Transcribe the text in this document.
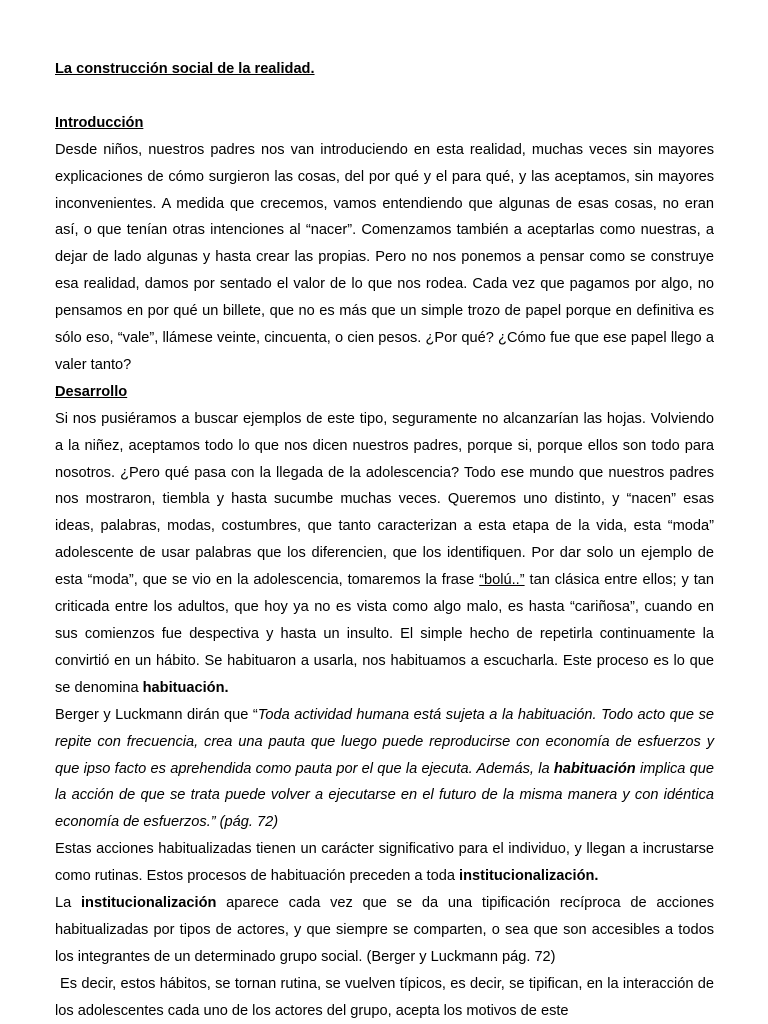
La construcción social de la realidad.

Introducción

Desde niños, nuestros padres nos van introduciendo en esta realidad, muchas veces sin mayores explicaciones de cómo surgieron las cosas, del por qué y el para qué, y las aceptamos, sin mayores inconvenientes. A medida que crecemos, vamos entendiendo que algunas de esas cosas, no eran así, o que tenían otras intenciones al “nacer”. Comenzamos también a aceptarlas como nuestras, a dejar de lado algunas y hasta crear las propias. Pero no nos ponemos a pensar como se construye esa realidad, damos por sentado el valor de lo que nos rodea. Cada vez que pagamos por algo, no pensamos en por qué un billete, que no es más que un simple trozo de papel porque en definitiva es sólo eso, “vale”, llámese veinte, cincuenta, o cien pesos. ¿Por qué? ¿Cómo fue que ese papel llego a valer tanto?

Desarrollo

Si nos pusiéramos a buscar ejemplos de este tipo, seguramente no alcanzarían las hojas. Volviendo a la niñez, aceptamos todo lo que nos dicen nuestros padres, porque si, porque ellos son todo para nosotros. ¿Pero qué pasa con la llegada de la adolescencia? Todo ese mundo que nuestros padres nos mostraron, tiembla y hasta sucumbe muchas veces. Queremos uno distinto, y “nacen” esas ideas, palabras, modas, costumbres, que tanto caracterizan a esta etapa de la vida, esta “moda” adolescente de usar palabras que los diferencien, que los identifiquen. Por dar solo un ejemplo de esta “moda”, que se vio en la adolescencia, tomaremos la frase “bolú..” tan clásica entre ellos; y tan criticada entre los adultos, que hoy ya no es vista como algo malo, es hasta “cariñosa”, cuando en sus comienzos fue despectiva y hasta un insulto. El simple hecho de repetirla continuamente la convirtió en un hábito. Se habituaron a usarla, nos habituamos a escucharla. Este proceso es lo que se denomina habituación.

Berger y Luckmann dirán que “Toda actividad humana está sujeta a la habituación. Todo acto que se repite con frecuencia, crea una pauta que luego puede reproducirse con economía de esfuerzos y que ipso facto es aprehendida como pauta por el que la ejecuta. Además, la habituación implica que la acción de que se trata puede volver a ejecutarse en el futuro de la misma manera y con idéntica economía de esfuerzos.” (pág. 72)

Estas acciones habitualizadas tienen un carácter significativo para el individuo, y llegan a incrustarse como rutinas. Estos procesos de habituación preceden a toda institucionalización.

La institucionalización aparece cada vez que se da una tipificación recíproca de acciones habitualizadas por tipos de actores, y que siempre se comparten, o sea que son accesibles a todos los integrantes de un determinado grupo social. (Berger y Luckmann pág. 72)

Es decir, estos hábitos, se tornan rutina, se vuelven típicos, es decir, se tipifican, en la interacción de los adolescentes cada uno de los actores del grupo, acepta los motivos de este
